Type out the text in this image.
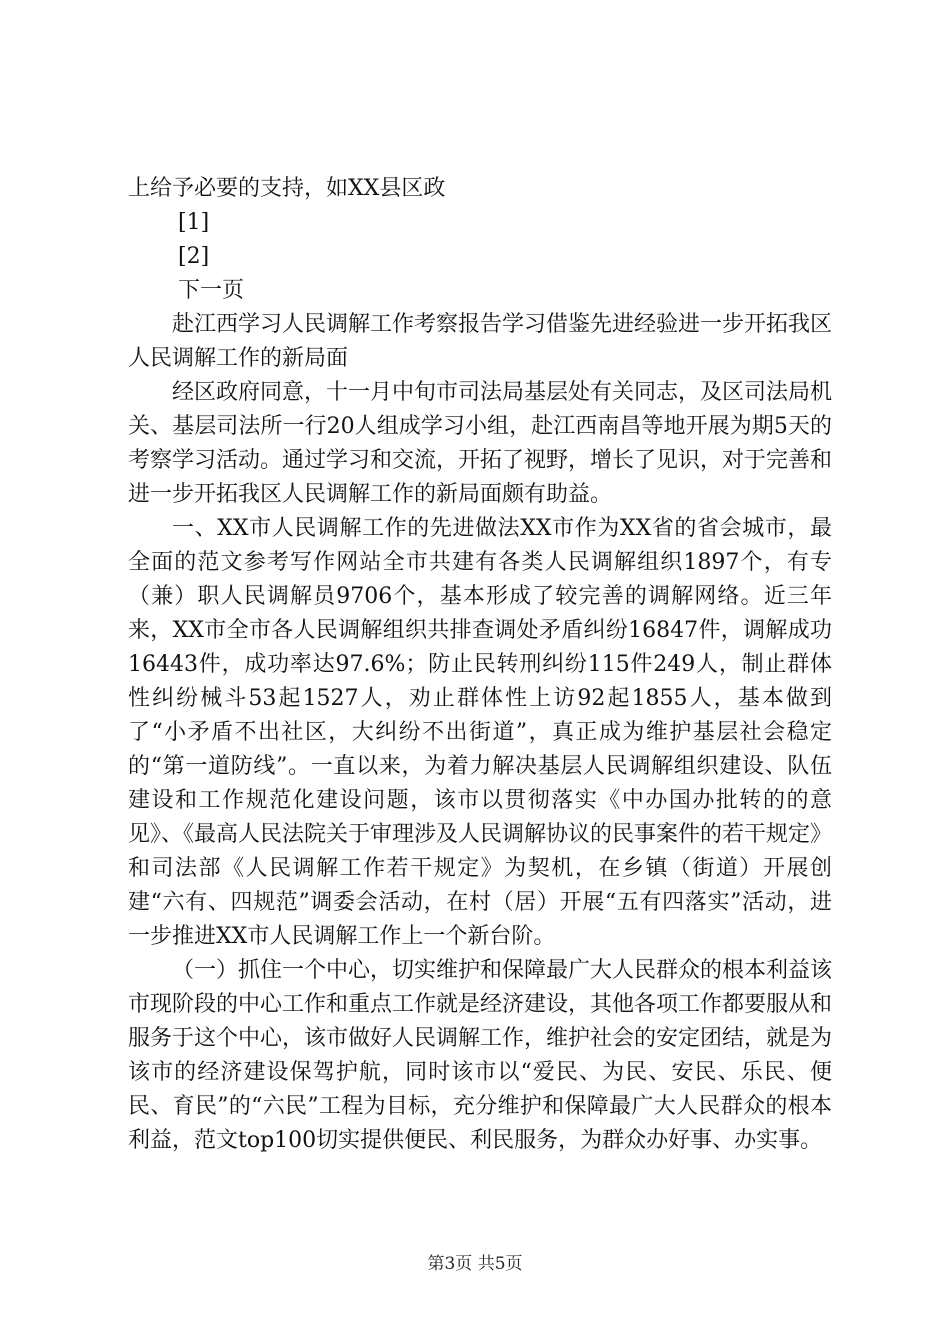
上给予必要的支持，如XX县区政
[1]
[2]
下一页

赴江西学习人民调解工作考察报告学习借鉴先进经验进一步开拓我区人民调解工作的新局面

经区政府同意，十一月中旬市司法局基层处有关同志，及区司法局机关、基层司法所一行20人组成学习小组，赴江西南昌等地开展为期5天的考察学习活动。通过学习和交流，开拓了视野，增长了见识，对于完善和进一步开拓我区人民调解工作的新局面颇有助益。

一、XX市人民调解工作的先进做法XX市作为XX省的省会城市，最全面的范文参考写作网站全市共建有各类人民调解组织1897个，有专（兼）职人民调解员9706个，基本形成了较完善的调解网络。近三年来，XX市全市各人民调解组织共排查调处矛盾纠纷16847件，调解成功16443件，成功率达97.6%；防止民转刑纠纷115件249人，制止群体性纠纷械斗53起1527人，劝止群体性上访92起1855人，基本做到了“小矛盾不出社区，大纠纷不出街道”，真正成为维护基层社会稳定的“第一道防线”。一直以来，为着力解决基层人民调解组织建设、队伍建设和工作规范化建设问题，该市以贯彻落实《中办国办批转的的意见》、《最高人民法院关于审理涉及人民调解协议的民事案件的若干规定》和司法部《人民调解工作若干规定》为契机，在乡镇（街道）开展创建“六有、四规范”调委会活动，在村（居）开展“五有四落实”活动，进一步推进XX市人民调解工作上一个新台阶。

（一）抓住一个中心，切实维护和保障最广大人民群众的根本利益该市现阶段的中心工作和重点工作就是经济建设，其他各项工作都要服从和服务于这个中心，该市做好人民调解工作，维护社会的安定团结，就是为该市的经济建设保驾护航，同时该市以“爱民、为民、安民、乐民、便民、育民”的“六民”工程为目标，充分维护和保障最广大人民群众的根本利益，范文top100切实提供便民、利民服务，为群众办好事、办实事。

第3页 共5页
